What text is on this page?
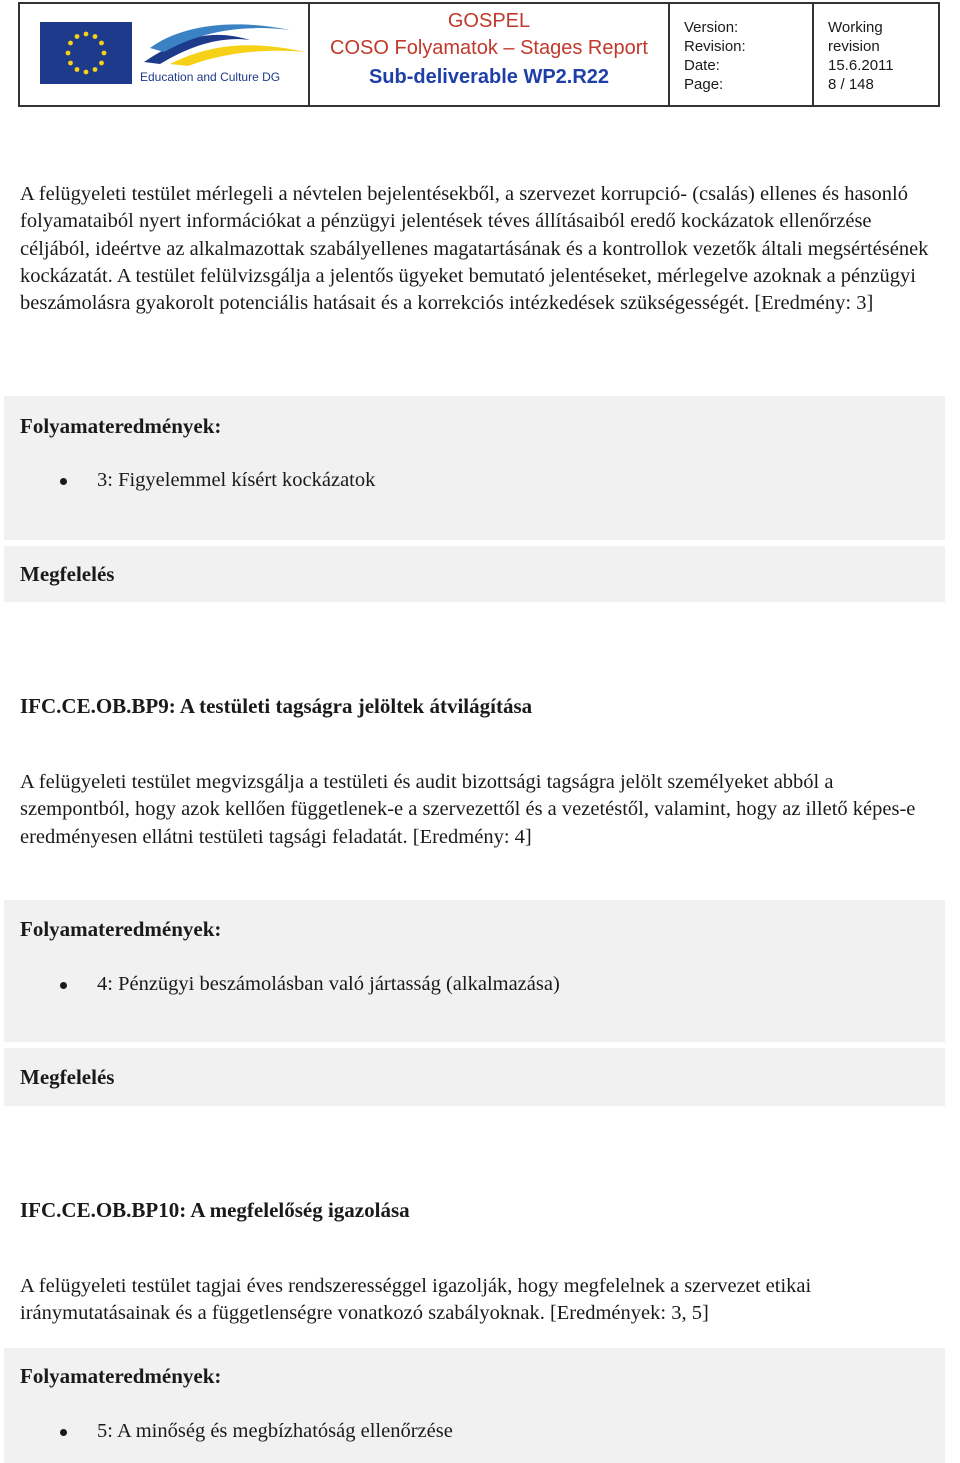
Education and Culture DG
GOSPEL
COSO Folyamatok – Stages Report
Sub-deliverable WP2.R22
Version:
Revision:
Date:
Page:
Working
revision
15.6.2011
8 / 148

A felügyeleti testület mérlegeli a névtelen bejelentésekből, a szervezet korrupció- (csalás) ellenes és hasonló folyamataiból nyert információkat a pénzügyi jelentések téves állításaiból eredő kockázatok ellenőrzése céljából, ideértve az alkalmazottak szabályellenes magatartásának és a kontrollok vezetők általi megsértésének kockázatát. A testület felülvizsgálja a jelentős ügyeket bemutató jelentéseket, mérlegelve azoknak a pénzügyi beszámolásra gyakorolt potenciális hatásait és a korrekciós intézkedések szükségességét. [Eredmény: 3]

Folyamateredmények:
3: Figyelemmel kísért kockázatok
Megfelelés
IFC.CE.OB.BP9: A testületi tagságra jelöltek átvilágítása

A felügyeleti testület megvizsgálja a testületi és audit bizottsági tagságra jelölt személyeket abból a szempontból, hogy azok kellően függetlenek-e a szervezettől és a vezetéstől, valamint, hogy az illető képes-e eredményesen ellátni testületi tagsági feladatát. [Eredmény: 4]

Folyamateredmények:
4: Pénzügyi beszámolásban való jártasság (alkalmazása)
Megfelelés
IFC.CE.OB.BP10: A megfelelőség igazolása

A felügyeleti testület tagjai éves rendszerességgel igazolják, hogy megfelelnek a szervezet etikai iránymutatásainak és a függetlenségre vonatkozó szabályoknak. [Eredmények: 3, 5]

Folyamateredmények:
5: A minőség és megbízhatóság ellenőrzése
